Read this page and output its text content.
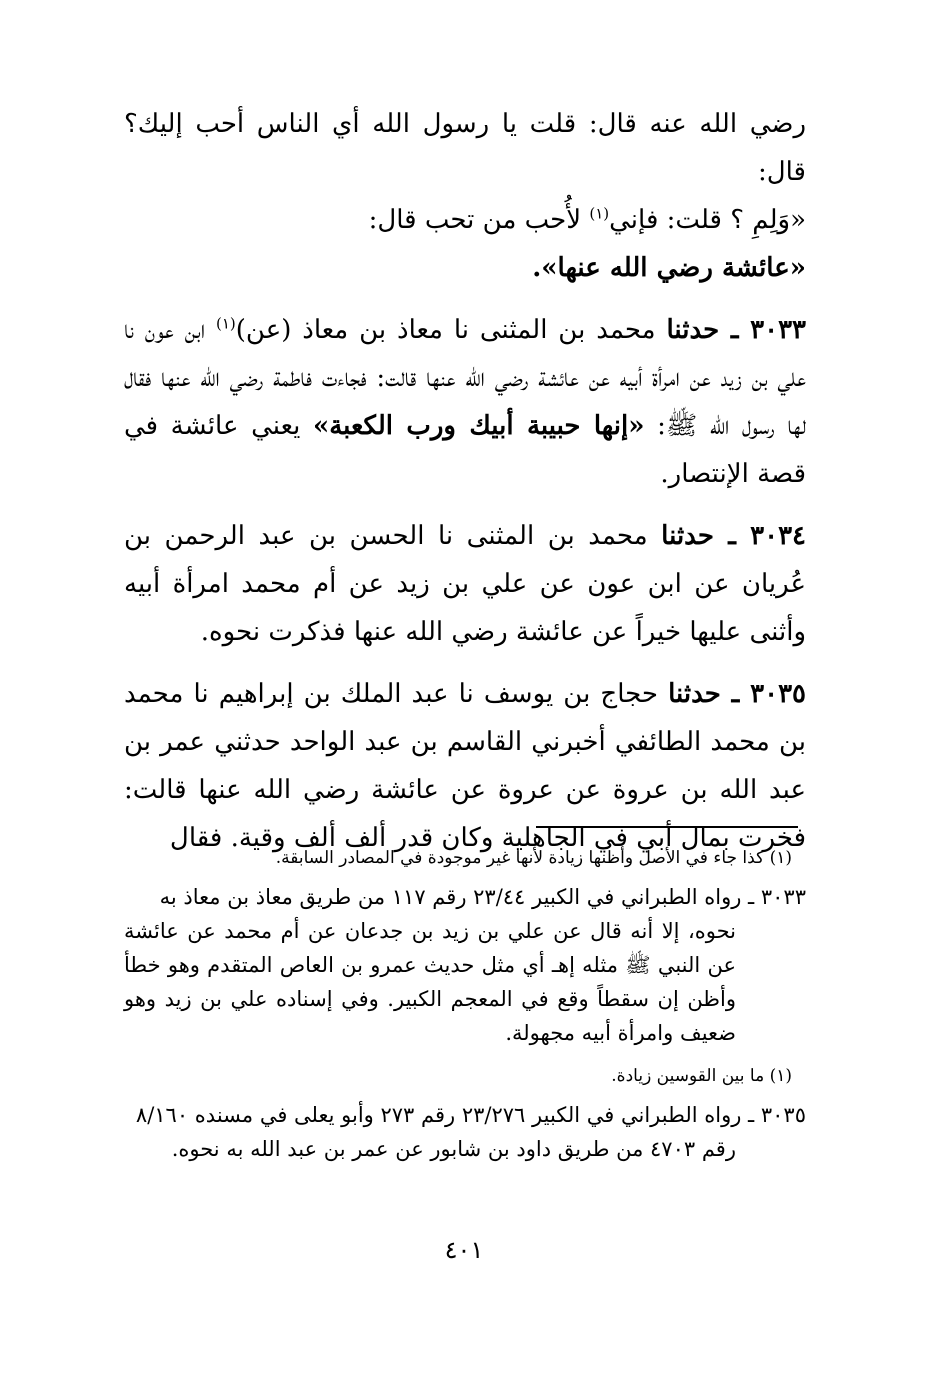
رضي الله عنه قال: قلت يا رسول الله أي الناس أحب إليك؟ قال:

«وَلِمِ ؟ قلت: فإني$^{(١)}$ لأُحب من تحب قال:

«عائشة رضي الله عنها».

٣٠٣٣ ـ حدثنا محمد بن المثنى نا معاذ بن معاذ (عن)$^{(١)}$ ابن عون نا علي بن زيد عن امرأة أبيه عن عائشة رضي الله عنها قالت: فجاءت فاطمة رضي الله عنها فقال لها رسول الله ﷺ: «إنها حبيبة أبيك ورب الكعبة» يعني عائشة في قصة الإنتصار.

٣٠٣٤ ـ حدثنا محمد بن المثنى نا الحسن بن عبد الرحمن بن عُريان عن ابن عون عن علي بن زيد عن أم محمد امرأة أبيه وأثنى عليها خيراً عن عائشة رضي الله عنها فذكرت نحوه.

٣٠٣٥ ـ حدثنا حجاج بن يوسف نا عبد الملك بن إبراهيم نا محمد بن محمد الطائفي أخبرني القاسم بن عبد الواحد حدثني عمر بن عبد الله بن عروة عن عروة عن عائشة رضي الله عنها قالت: فخرت بمال أبي في الجاهلية وكان قدر ألف ألف وقية. فقال

(١) كذا جاء في الأصل وأظنها زيادة لأنها غير موجودة في المصادر السابقة.

٣٠٣٣ ـ رواه الطبراني في الكبير ٢٣/٤٤ رقم ١١٧ من طريق معاذ بن معاذ به
نحوه، إلا أنه قال عن علي بن زيد بن جدعان عن أم محمد عن عائشة عن النبي ﷺ مثله إهـ أي مثل حديث عمرو بن العاص المتقدم وهو خطأ وأظن إن سقطاً وقع في المعجم الكبير. وفي إسناده علي بن زيد وهو ضعيف وامرأة أبيه مجهولة.

(١) ما بين القوسين زيادة.

٣٠٣٥ ـ رواه الطبراني في الكبير ٢٣/٢٧٦ رقم ٢٧٣ وأبو يعلى في مسنده ٨/١٦٠
رقم ٤٧٠٣ من طريق داود بن شابور عن عمر بن عبد الله به نحوه.

٤٠١
